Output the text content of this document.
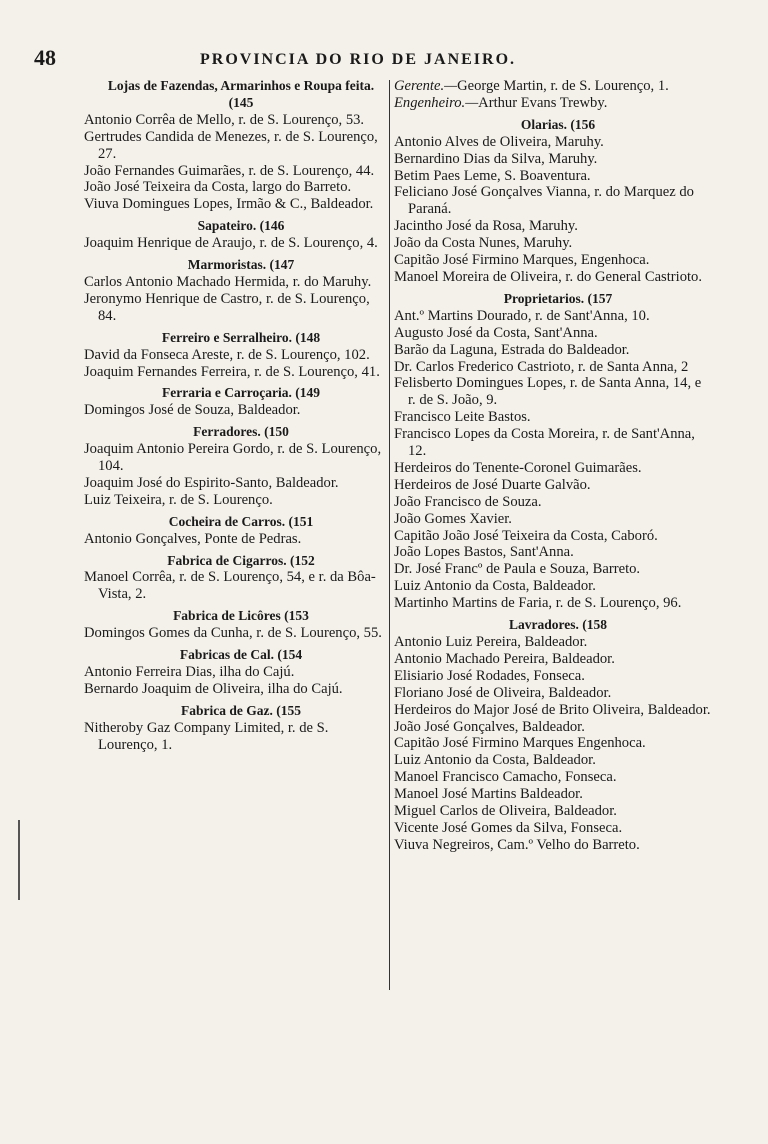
48	PROVINCIA DO RIO DE JANEIRO.
Lojas de Fazendas, Armarinhos e Roupa feita. (145
Antonio Corrêa de Mello, r. de S. Lourenço, 53.
Gertrudes Candida de Menezes, r. de S. Lourenço, 27.
João Fernandes Guimarães, r. de S. Lourenço, 44.
João José Teixeira da Costa, largo do Barreto.
Viuva Domingues Lopes, Irmão & C., Baldeador.
Sapateiro. (146
Joaquim Henrique de Araujo, r. de S. Lourenço, 4.
Marmoristas. (147
Carlos Antonio Machado Hermida, r. do Maruhy.
Jeronymo Henrique de Castro, r. de S. Lourenço, 84.
Ferreiro e Serralheiro. (148
David da Fonseca Areste, r. de S. Lourenço, 102.
Joaquim Fernandes Ferreira, r. de S. Lourenço, 41.
Ferraria e Carroçaria. (149
Domingos José de Souza, Baldeador.
Ferradores. (150
Joaquim Antonio Pereira Gordo, r. de S. Lourenço, 104.
Joaquim José do Espirito-Santo, Baldeador.
Luiz Teixeira, r. de S. Lourenço.
Cocheira de Carros. (151
Antonio Gonçalves, Ponte de Pedras.
Fabrica de Cigarros. (152
Manoel Corrêa, r. de S. Lourenço, 54, e r. da Bôa-Vista, 2.
Fabrica de Licôres (153
Domingos Gomes da Cunha, r. de S. Lourenço, 55.
Fabricas de Cal. (154
Antonio Ferreira Dias, ilha do Cajú.
Bernardo Joaquim de Oliveira, ilha do Cajú.
Fabrica de Gaz. (155
Nitheroby Gaz Company Limited, r. de S. Lourenço, 1.
Gerente.—George Martin, r. de S. Lourenço, 1.
Engenheiro.—Arthur Evans Trewby.
Olarias. (156
Antonio Alves de Oliveira, Maruhy.
Bernardino Dias da Silva, Maruhy.
Betim Paes Leme, S. Boaventura.
Feliciano José Gonçalves Vianna, r. do Marquez do Paraná.
Jacintho José da Rosa, Maruhy.
João da Costa Nunes, Maruhy.
Capitão José Firmino Marques, Engenhoca.
Manoel Moreira de Oliveira, r. do General Castrioto.
Proprietarios. (157
Ant.º Martins Dourado, r. de Sant'Anna, 10.
Augusto José da Costa, Sant'Anna.
Barão da Laguna, Estrada do Baldeador.
Dr. Carlos Frederico Castrioto, r. de Santa Anna, 2
Felisberto Domingues Lopes, r. de Santa Anna, 14, e r. de S. João, 9.
Francisco Leite Bastos.
Francisco Lopes da Costa Moreira, r. de Sant'Anna, 12.
Herdeiros do Tenente-Coronel Guimarães.
Herdeiros de José Duarte Galvão.
João Francisco de Souza.
João Gomes Xavier.
Capitão João José Teixeira da Costa, Caboró.
João Lopes Bastos, Sant'Anna.
Dr. José Francº de Paula e Souza, Barreto.
Luiz Antonio da Costa, Baldeador.
Martinho Martins de Faria, r. de S. Lourenço, 96.
Lavradores. (158
Antonio Luiz Pereira, Baldeador.
Antonio Machado Pereira, Baldeador.
Elisiario José Rodades, Fonseca.
Floriano José de Oliveira, Baldeador.
Herdeiros do Major José de Brito Oliveira, Baldeador.
João José Gonçalves, Baldeador.
Capitão José Firmino Marques Engenhoca.
Luiz Antonio da Costa, Baldeador.
Manoel Francisco Camacho, Fonseca.
Manoel José Martins Baldeador.
Miguel Carlos de Oliveira, Baldeador.
Vicente José Gomes da Silva, Fonseca.
Viuva Negreiros, Cam.º Velho do Barreto.
